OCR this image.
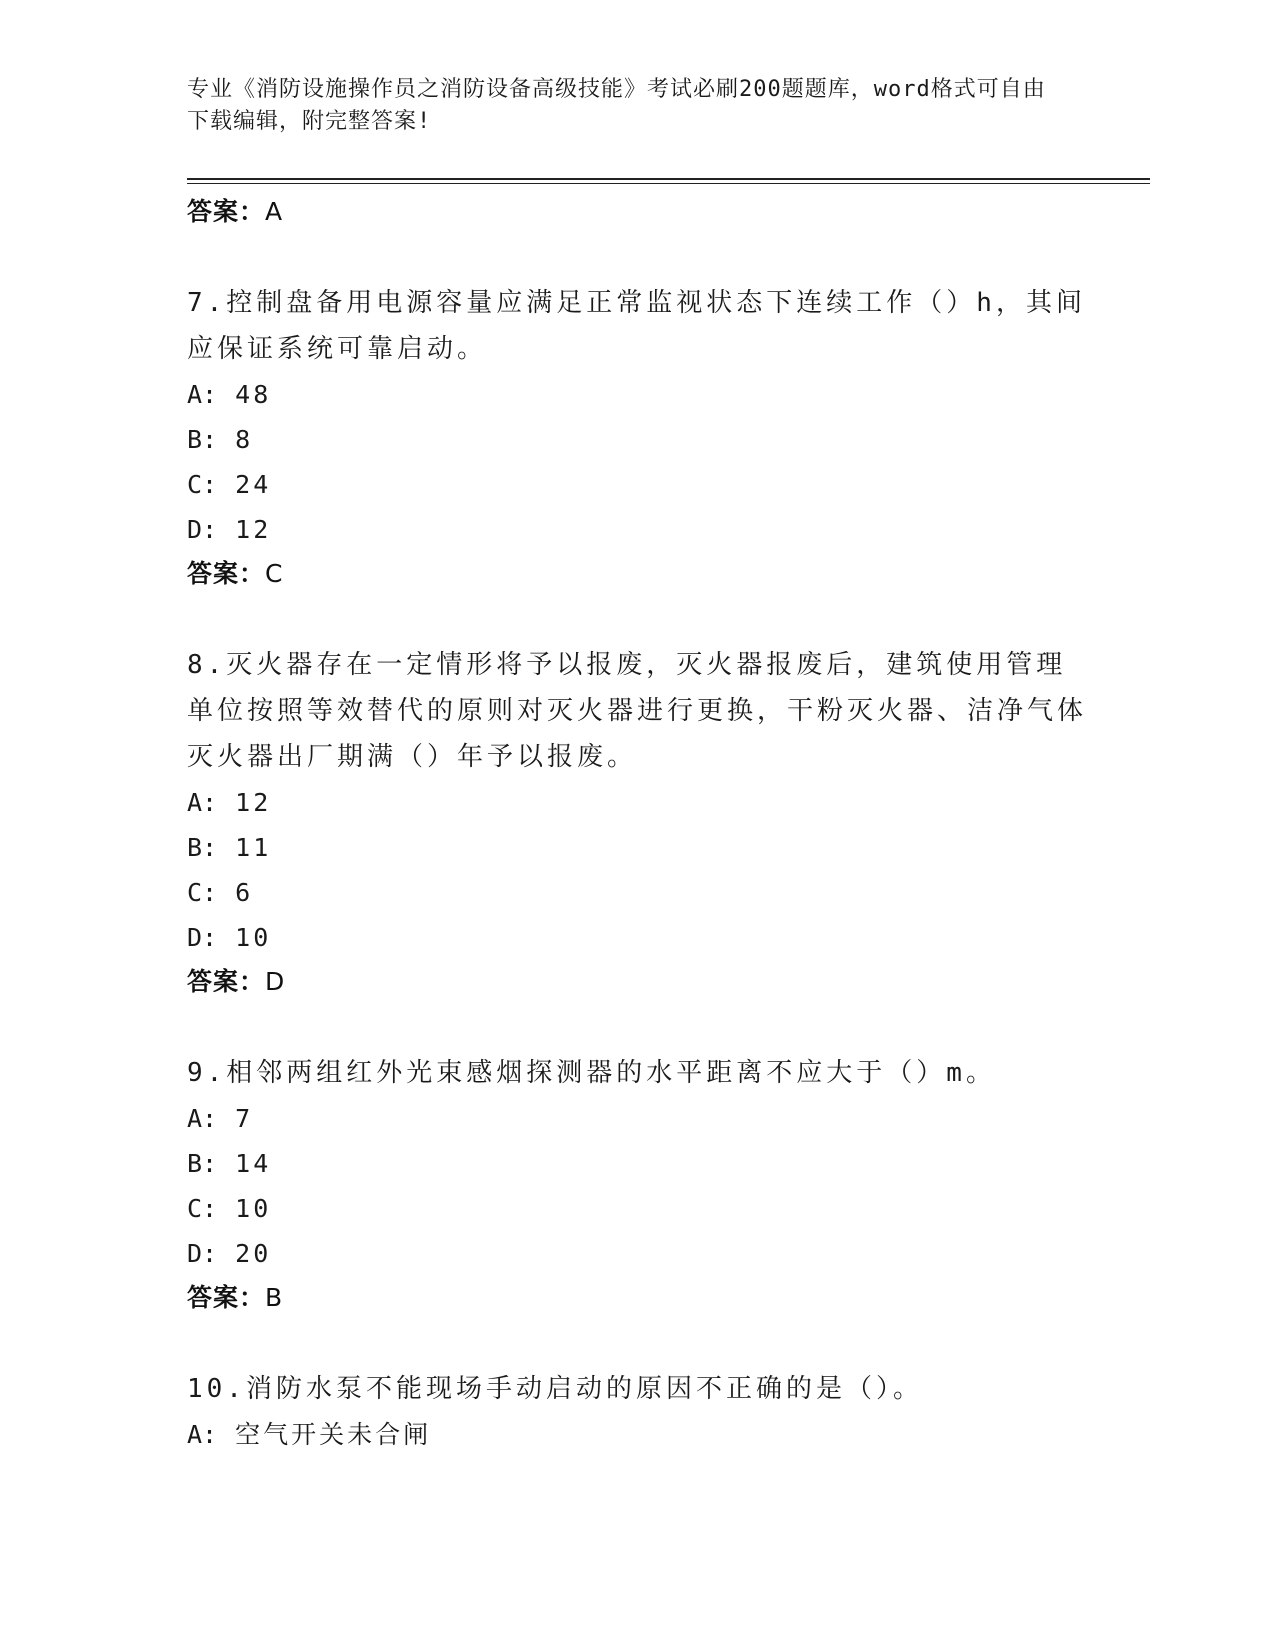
专业《消防设施操作员之消防设备高级技能》考试必刷200题题库，word格式可自由下载编辑，附完整答案!
答案：A
7.控制盘备用电源容量应满足正常监视状态下连续工作（）h，其间应保证系统可靠启动。
A: 48
B: 8
C: 24
D: 12
答案：C
8.灭火器存在一定情形将予以报废，灭火器报废后，建筑使用管理单位按照等效替代的原则对灭火器进行更换，干粉灭火器、洁净气体灭火器出厂期满（）年予以报废。
A: 12
B: 11
C: 6
D: 10
答案：D
9.相邻两组红外光束感烟探测器的水平距离不应大于（）m。
A: 7
B: 14
C: 10
D: 20
答案：B
10.消防水泵不能现场手动启动的原因不正确的是（）。
A: 空气开关未合闸
